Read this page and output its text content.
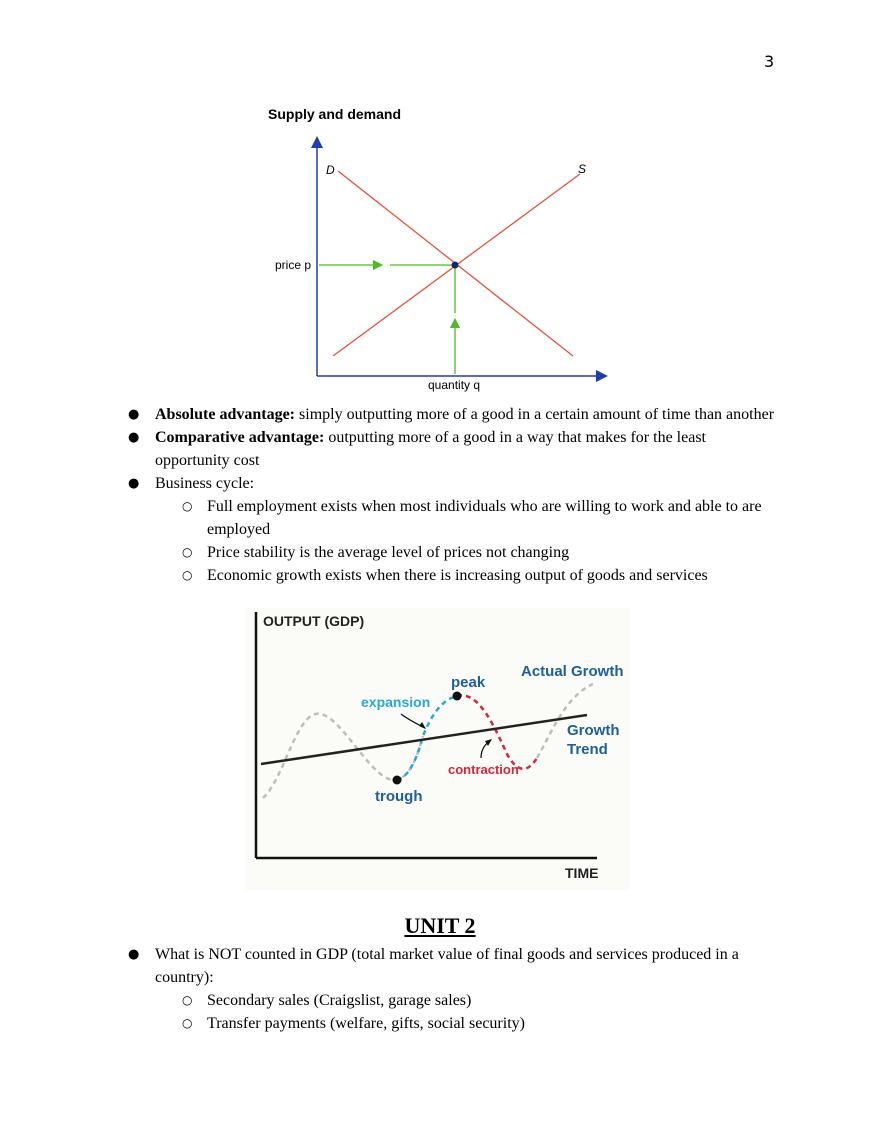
3
Supply and demand
D	S
price p
quantity q
● Absolute advantage: simply outputting more of a good in a certain amount of time than another
● Comparative advantage: outputting more of a good in a way that makes for the least opportunity cost
● Business cycle:
○ Full employment exists when most individuals who are willing to work and able to are employed
○ Price stability is the average level of prices not changing
○ Economic growth exists when there is increasing output of goods and services
OUTPUT (GDP)
TIME
Actual Growth
Growth
Trend
expansion
peak
contraction
trough
UNIT 2
● What is NOT counted in GDP (total market value of final goods and services produced in a country):
○ Secondary sales (Craigslist, garage sales)
○ Transfer payments (welfare, gifts, social security)
